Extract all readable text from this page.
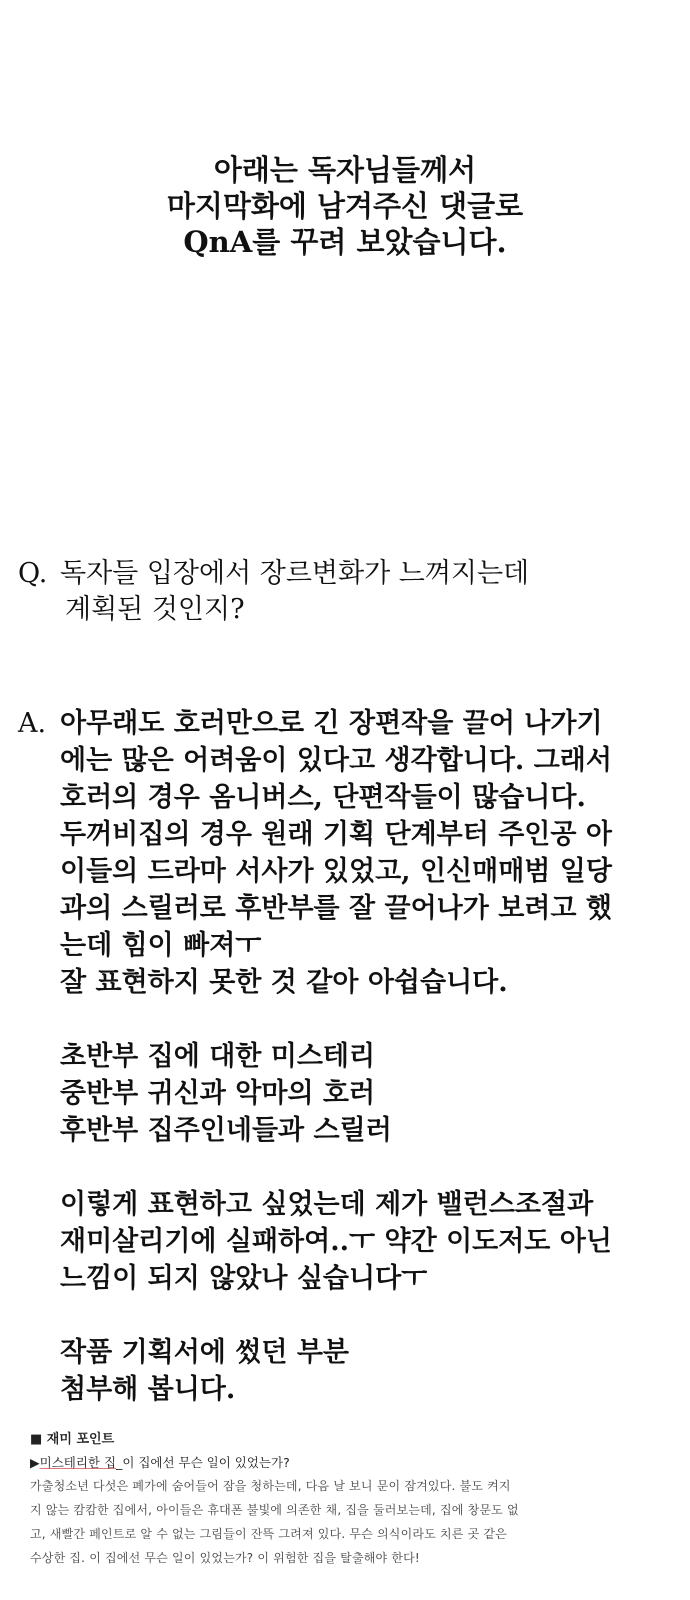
아래는 독자님들께서
마지막화에 남겨주신 댓글로
QnA를 꾸려 보았습니다.
Q. 독자들 입장에서 장르변화가 느껴지는데
계획된 것인지?
A. 아무래도 호러만으로 긴 장편작을 끌어 나가기
에는 많은 어려움이 있다고 생각합니다. 그래서
호러의 경우 옴니버스, 단편작들이 많습니다.
두꺼비집의 경우 원래 기획 단계부터 주인공 아
이들의 드라마 서사가 있었고, 인신매매범 일당
과의 스릴러로 후반부를 잘 끌어나가 보려고 했
는데 힘이 빠져ㅜ
잘 표현하지 못한 것 같아 아쉽습니다.
초반부 집에 대한 미스테리
중반부 귀신과 악마의 호러
후반부 집주인네들과 스릴러
이렇게 표현하고 싶었는데 제가 밸런스조절과
재미살리기에 실패하여..ㅜ 약간 이도저도 아닌
느낌이 되지 않았나 싶습니다ㅜ
작품 기획서에 썼던 부분
첨부해 봅니다.
■ 재미 포인트
▶미스테리한 집_이 집에선 무슨 일이 있었는가?
가출청소년 다섯은 폐가에 숨어들어 잠을 청하는데, 다음 날 보니 문이 잠겨있다. 불도 켜지
지 않는 캄캄한 집에서, 아이들은 휴대폰 불빛에 의존한 채, 집을 둘러보는데, 집에 창문도 없
고, 새빨간 페인트로 알 수 없는 그림들이 잔뜩 그려져 있다. 무슨 의식이라도 치른 곳 같은
수상한 집. 이 집에선 무슨 일이 있었는가? 이 위험한 집을 탈출해야 한다!
